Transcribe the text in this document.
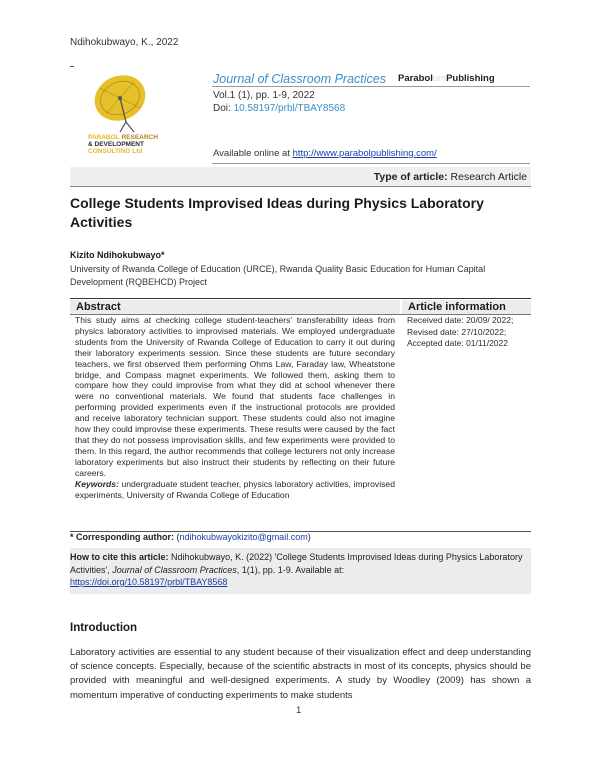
Ndihokubwayo, K., 2022
PARABOL RESEARCH
& DEVELOPMENT
CONSULTING Ltd
Journal of Classroom Practices ParabolumPublishing
Vol.1 (1), pp. 1-9, 2022
Doi: 10.58197/prbl/TBAY8568
Available online at http://www.parabolpublishing.com/
Type of article: Research Article
College Students Improvised Ideas during Physics Laboratory Activities
Kizito Ndihokubwayo*
University of Rwanda College of Education (URCE), Rwanda Quality Basic Education for Human Capital Development (RQBEHCD) Project
Abstract	Article information
This study aims at checking college student-teachers' transferability ideas from physics laboratory activities to improvised materials. We employed undergraduate students from the University of Rwanda College of Education to carry it out during their laboratory experiments session. Since these students are future secondary teachers, we first observed them performing Ohms Law, Faraday law, Wheatstone bridge, and Compass magnet experiments. We followed them, asking them to compare how they could improvise from what they did at school whenever there were no conventional materials. We found that students face challenges in performing provided experiments even if the instructional protocols are provided and receive laboratory technician support. These students could also not imagine how they could improvise these experiments. These results were caused by the fact that they do not possess improvisation skills, and few experiments were provided to them. In this regard, the author recommends that college lecturers not only increase laboratory experiments but also instruct their students by reflecting on their future careers.
Keywords: undergraduate student teacher, physics laboratory activities, improvised experiments, University of Rwanda College of Education
Received date: 20/09/ 2022;
Revised date: 27/10/2022;
Accepted date: 01/11/2022
* Corresponding author: (ndihokubwayokizito@gmail.com)
How to cite this article: Ndihokubwayo, K. (2022) 'College Students Improvised Ideas during Physics Laboratory Activities', Journal of Classroom Practices, 1(1), pp. 1-9. Available at:
https://doi.org/10.58197/prbl/TBAY8568
Introduction
Laboratory activities are essential to any student because of their visualization effect and deep understanding of science concepts. Especially, because of the scientific abstracts in most of its concepts, physics should be provided with meaningful and well-designed experiments. A study by Woodley (2009) has shown a momentum imperative of conducting experiments to make students
1
